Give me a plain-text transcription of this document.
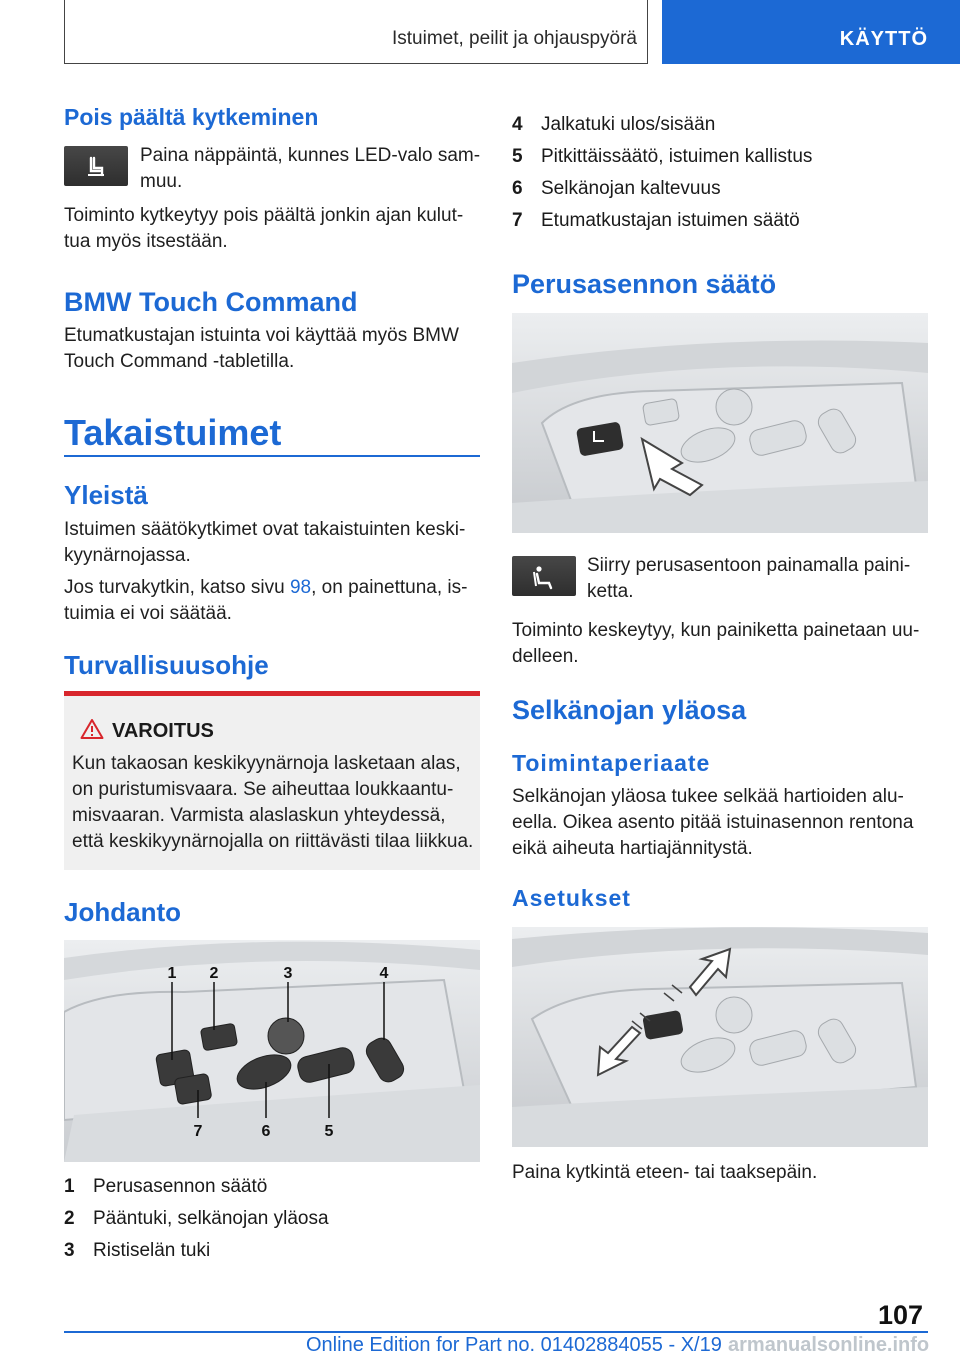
Istuimet, peilit ja ohjauspyörä	KÄYTTÖ
Pois päältä kytkeminen
Paina näppäintä, kunnes LED-valo sam-
muu.
Toiminto kytkeytyy pois päältä jonkin ajan kulut-
tua myös itsestään.
BMW Touch Command
Etumatkustajan istuinta voi käyttää myös BMW
Touch Command -tabletilla.
Takaistuimet
Yleistä
Istuimen säätökytkimet ovat takaistuinten keski-
kyynärnojassa.
Jos turvakytkin, katso sivu 98, on painettuna, is-
tuimia ei voi säätää.
Turvallisuusohje
VAROITUS
Kun takaosan keskikyynärnoja lasketaan alas,
on puristumisvaara. Se aiheuttaa loukkaantu-
misvaaran. Varmista alaslaskun yhteydessä,
että keskikyynärnojalla on riittävästi tilaa liikkua.
Johdanto
1 2	3	4
7	6	5
1 Perusasennon säätö
2 Pääntuki, selkänojan yläosa
3 Ristiselän tuki
4 Jalkatuki ulos/sisään
5 Pitkittäissäätö, istuimen kallistus
6 Selkänojan kaltevuus
7 Etumatkustajan istuimen säätö
Perusasennon säätö
Siirry perusasentoon painamalla paini-
ketta.
Toiminto keskeytyy, kun painiketta painetaan uu-
delleen.
Selkänojan yläosa
Toimintaperiaate
Selkänojan yläosa tukee selkää hartioiden alu-
eella. Oikea asento pitää istuinasennon rentona
eikä aiheuta hartiajännitystä.
Asetukset
Paina kytkintä eteen- tai taaksepäin.
107
Online Edition for Part no. 01402884055 - X/19 armanualsonline.info
